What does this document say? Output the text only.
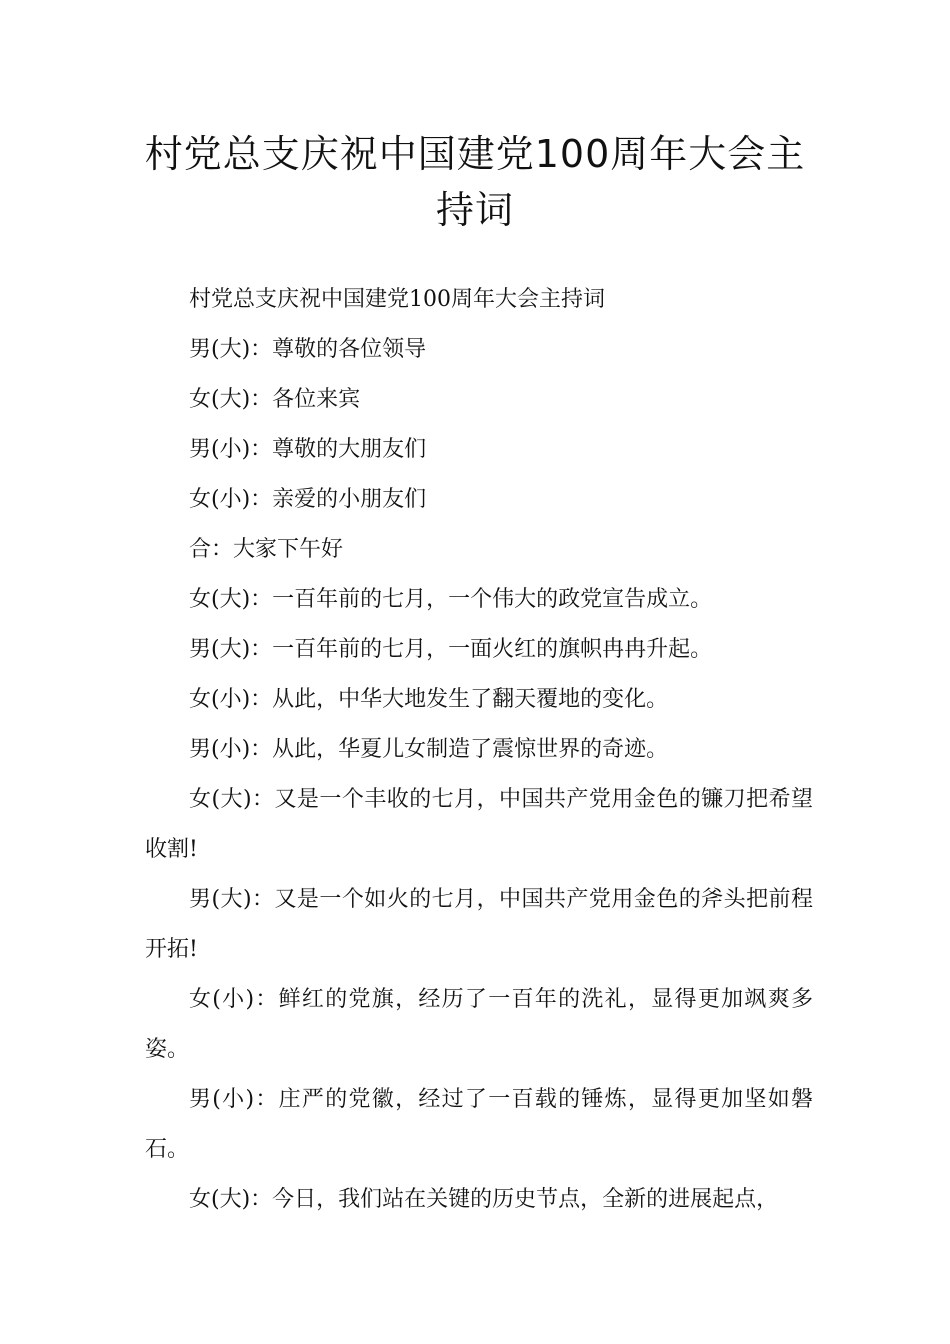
村党总支庆祝中国建党100周年大会主
持词

村党总支庆祝中国建党100周年大会主持词

男(大)：尊敬的各位领导

女(大)：各位来宾

男(小)：尊敬的大朋友们

女(小)：亲爱的小朋友们

合：大家下午好

女(大)：一百年前的七月，一个伟大的政党宣告成立。

男(大)：一百年前的七月，一面火红的旗帜冉冉升起。

女(小)：从此，中华大地发生了翻天覆地的变化。

男(小)：从此，华夏儿女制造了震惊世界的奇迹。

女(大)：又是一个丰收的七月，中国共产党用金色的镰刀把希望收割!

男(大)：又是一个如火的七月，中国共产党用金色的斧头把前程开拓!

女(小)：鲜红的党旗，经历了一百年的洗礼，显得更加飒爽多姿。

男(小)：庄严的党徽，经过了一百载的锤炼，显得更加坚如磐石。

女(大)：今日，我们站在关键的历史节点，全新的进展起点，
